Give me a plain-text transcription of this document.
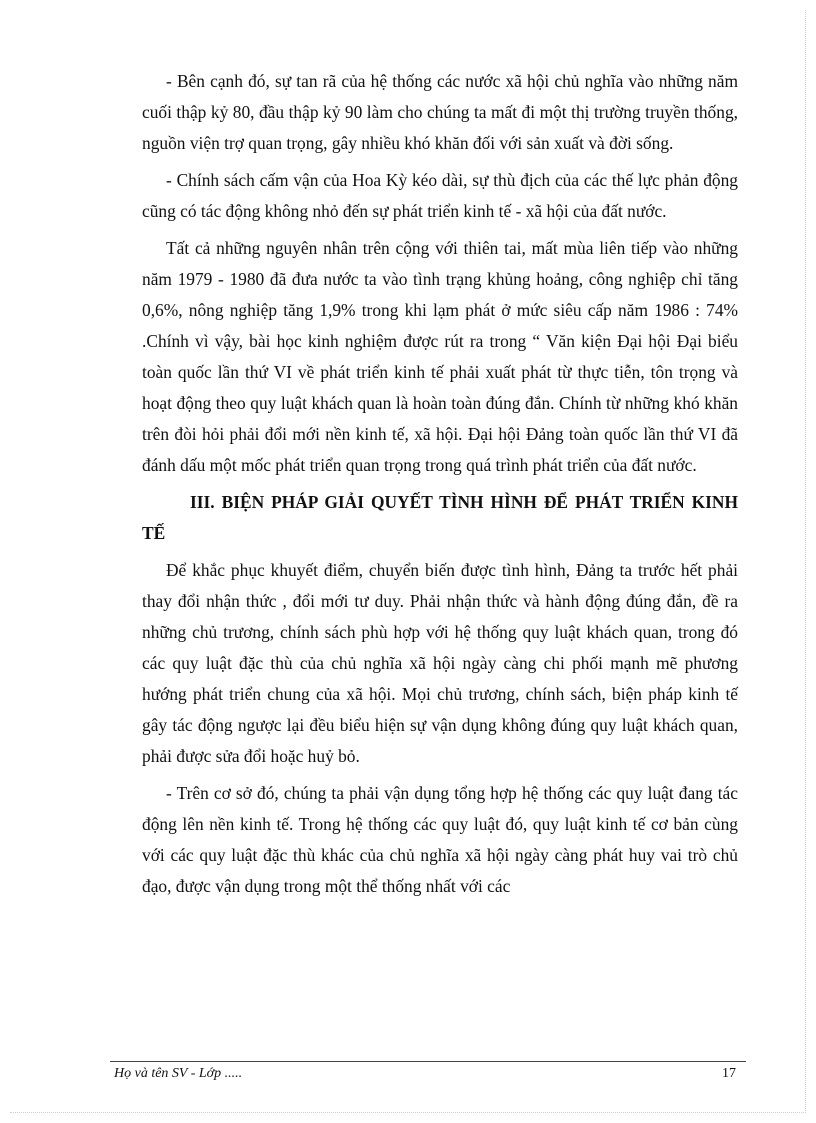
- Bên cạnh đó, sự tan rã của hệ thống các nước xã hội chủ nghĩa vào những năm cuối thập kỷ 80, đầu thập kỷ 90 làm cho chúng ta mất đi một thị trường truyền thống, nguồn viện trợ quan trọng, gây nhiều khó khăn đối với sản xuất và đời sống.

- Chính sách cấm vận của Hoa Kỳ kéo dài, sự thù địch của các thế lực phản động cũng có tác động không nhỏ đến sự phát triển kinh tế - xã hội của đất nước.

Tất cả những nguyên nhân trên cộng với thiên tai, mất mùa liên tiếp vào những năm 1979 - 1980 đã đưa nước ta vào tình trạng khủng hoảng, công nghiệp chỉ tăng 0,6%, nông nghiệp tăng 1,9% trong khi lạm phát ở mức siêu cấp năm 1986 : 74% .Chính vì vậy, bài học kinh nghiệm được rút ra trong “ Văn kiện Đại hội Đại biểu toàn quốc lần thứ VI về phát triển kinh tế phải xuất phát từ thực tiễn, tôn trọng và hoạt động theo quy luật khách quan là hoàn toàn đúng đắn. Chính từ những khó khăn trên đòi hỏi phải đổi mới nền kinh tế, xã hội. Đại hội Đảng toàn quốc lần thứ VI đã đánh dấu một mốc phát triển quan trọng trong quá trình phát triển của đất nước.

III. BIỆN PHÁP GIẢI QUYẾT TÌNH HÌNH ĐỂ PHÁT TRIỂN KINH TẾ

Để khắc phục khuyết điểm, chuyển biến được tình hình, Đảng ta trước hết phải thay đổi nhận thức , đổi mới tư duy. Phải nhận thức và hành động đúng đắn, đề ra những chủ trương, chính sách phù hợp với hệ thống quy luật khách quan, trong đó các quy luật đặc thù của chủ nghĩa xã hội ngày càng chi phối mạnh mẽ phương hướng phát triển chung của xã hội. Mọi chủ trương, chính sách, biện pháp kinh tế gây tác động ngược lại đều biểu hiện sự vận dụng không đúng quy luật khách quan, phải được sửa đổi hoặc huỷ bỏ.

- Trên cơ sở đó, chúng ta phải vận dụng tổng hợp hệ thống các quy luật đang tác động lên nền kinh tế. Trong hệ thống các quy luật đó, quy luật kinh tế cơ bản cùng với các quy luật đặc thù khác của chủ nghĩa xã hội ngày càng phát huy vai trò chủ đạo, được vận dụng trong một thể thống nhất với các

Họ và tên SV - Lớp .....	17
